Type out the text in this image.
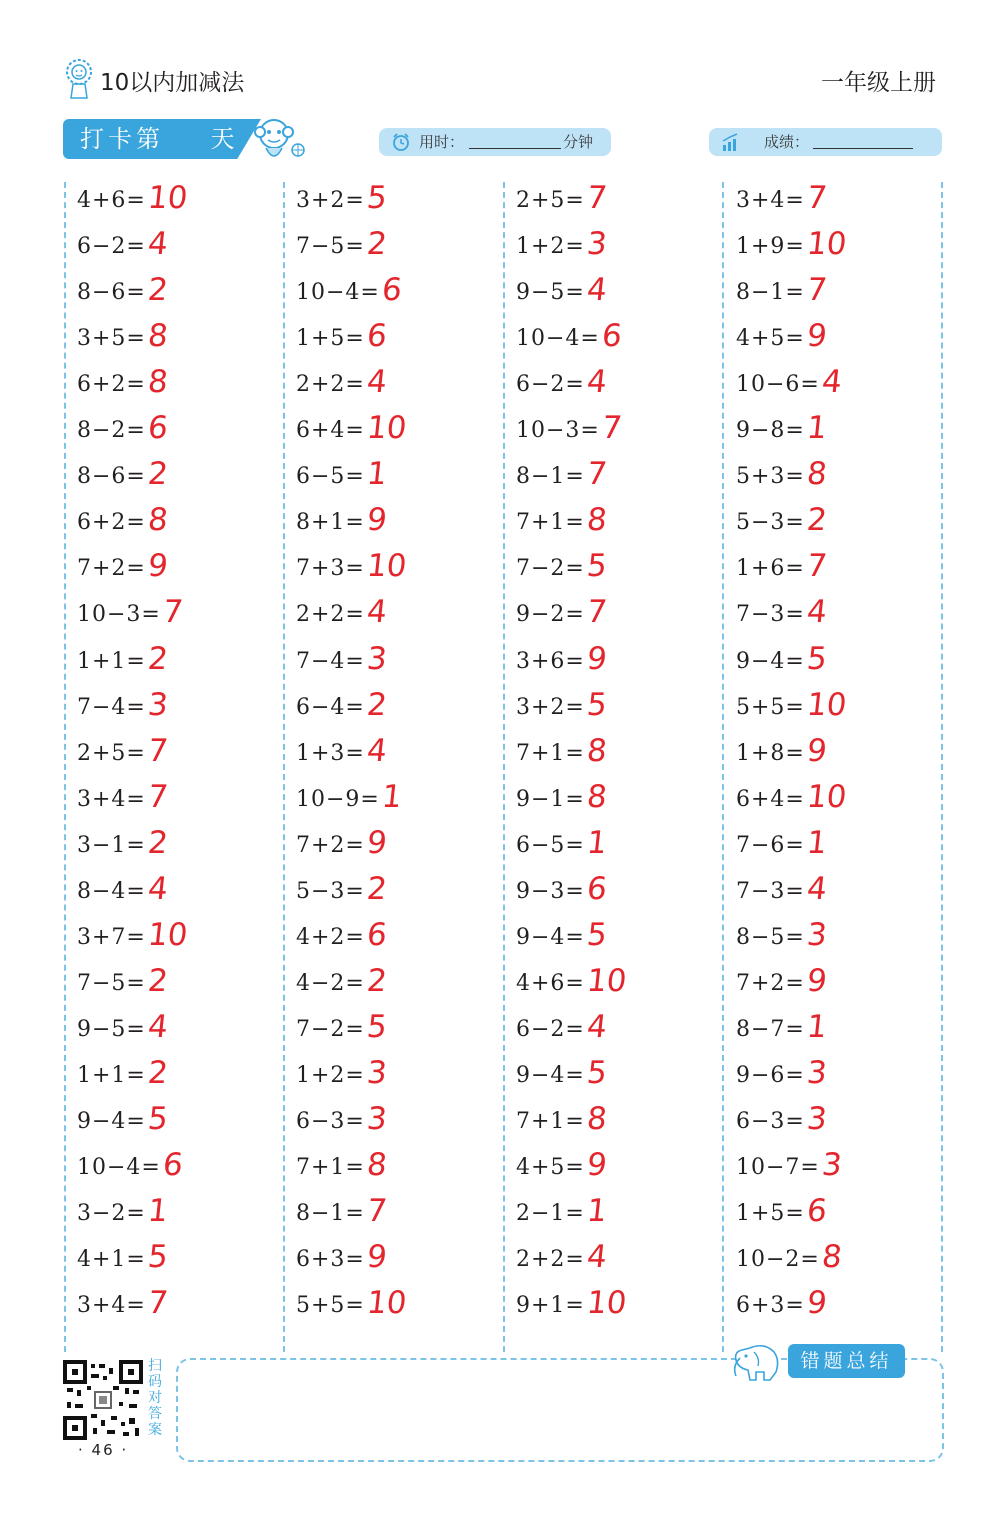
10以内加减法	一年级上册
打卡第    天	用时：	分钟	成绩：
4+6= 10
6−2= 4
8−6= 2
3+5= 8
6+2= 8
8−2= 6
8−6= 2
6+2= 8
7+2= 9
10−3= 7
1+1= 2
7−4= 3
2+5= 7
3+4= 7
3−1= 2
8−4= 4
3+7= 10
7−5= 2
9−5= 4
1+1= 2
9−4= 5
10−4= 6
3−2= 1
4+1= 5
3+4= 7
3+2= 5
7−5= 2
10−4= 6
1+5= 6
2+2= 4
6+4= 10
6−5= 1
8+1= 9
7+3= 10
2+2= 4
7−4= 3
6−4= 2
1+3= 4
10−9= 1
7+2= 9
5−3= 2
4+2= 6
4−2= 2
7−2= 5
1+2= 3
6−3= 3
7+1= 8
8−1= 7
6+3= 9
5+5= 10
2+5= 7
1+2= 3
9−5= 4
10−4= 6
6−2= 4
10−3= 7
8−1= 7
7+1= 8
7−2= 5
9−2= 7
3+6= 9
3+2= 5
7+1= 8
9−1= 8
6−5= 1
9−3= 6
9−4= 5
4+6= 10
6−2= 4
9−4= 5
7+1= 8
4+5= 9
2−1= 1
2+2= 4
9+1= 10
3+4= 7
1+9= 10
8−1= 7
4+5= 9
10−6= 4
9−8= 1
5+3= 8
5−3= 2
1+6= 7
7−3= 4
9−4= 5
5+5= 10
1+8= 9
6+4= 10
7−6= 1
7−3= 4
8−5= 3
7+2= 9
8−7= 1
9−6= 3
6−3= 3
10−7= 3
1+5= 6
10−2= 8
6+3= 9
扫码对答案
· 46 ·
错题总结
